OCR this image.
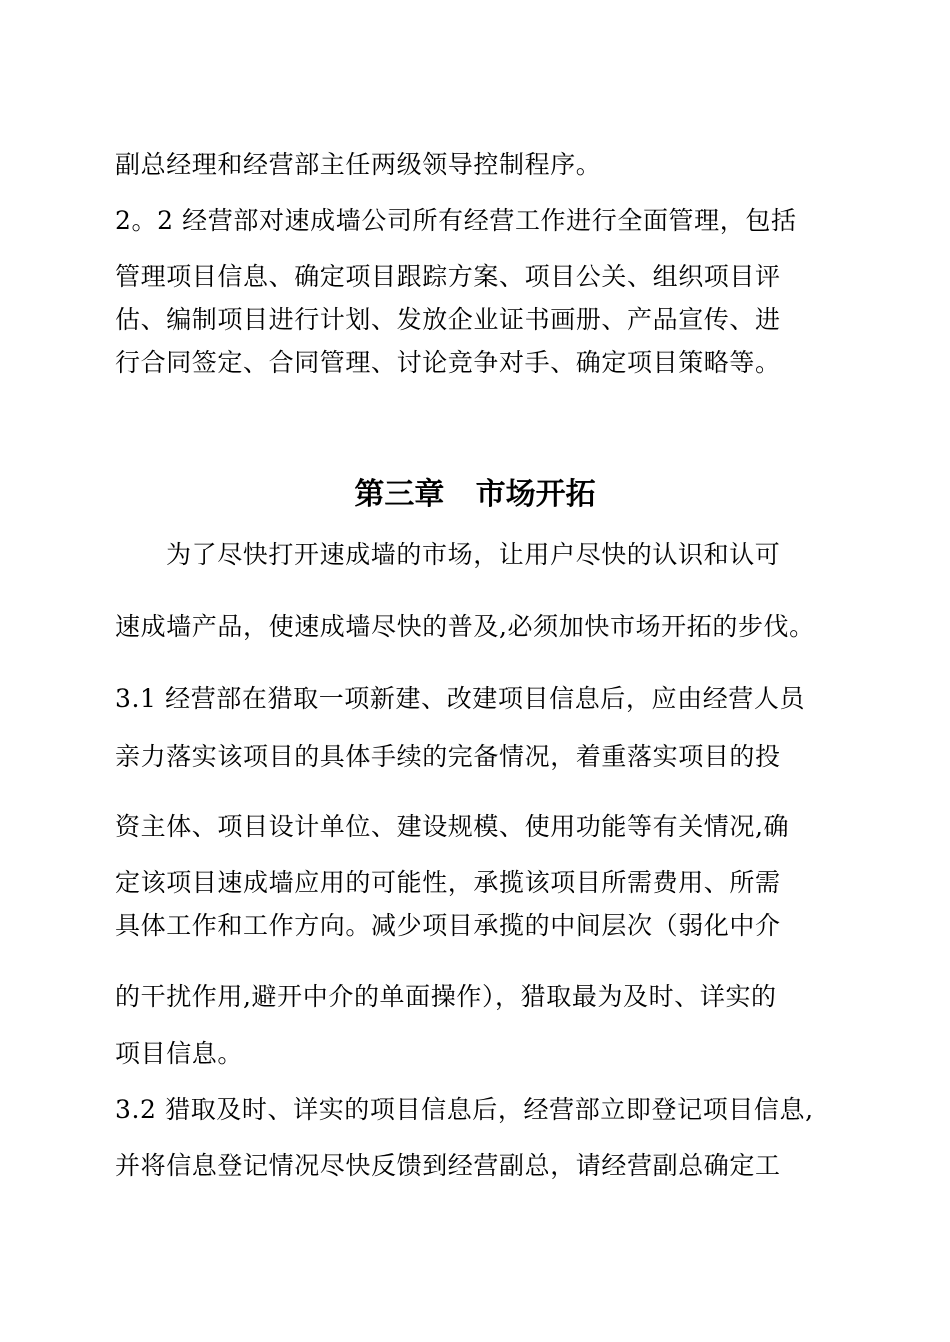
副总经理和经营部主任两级领导控制程序。
2。2 经营部对速成墙公司所有经营工作进行全面管理，包括
管理项目信息、确定项目跟踪方案、项目公关、组织项目评
估、编制项目进行计划、发放企业证书画册、产品宣传、进
行合同签定、合同管理、讨论竞争对手、确定项目策略等。
第三章   市场开拓
为了尽快打开速成墙的市场，让用户尽快的认识和认可
速成墙产品，使速成墙尽快的普及,必须加快市场开拓的步伐。
3.1 经营部在猎取一项新建、改建项目信息后，应由经营人员
亲力落实该项目的具体手续的完备情况，着重落实项目的投
资主体、项目设计单位、建设规模、使用功能等有关情况,确
定该项目速成墙应用的可能性，承揽该项目所需费用、所需
具体工作和工作方向。减少项目承揽的中间层次（弱化中介
的干扰作用,避开中介的单面操作），猎取最为及时、详实的
项目信息。
3.2 猎取及时、详实的项目信息后，经营部立即登记项目信息,
并将信息登记情况尽快反馈到经营副总，请经营副总确定工
